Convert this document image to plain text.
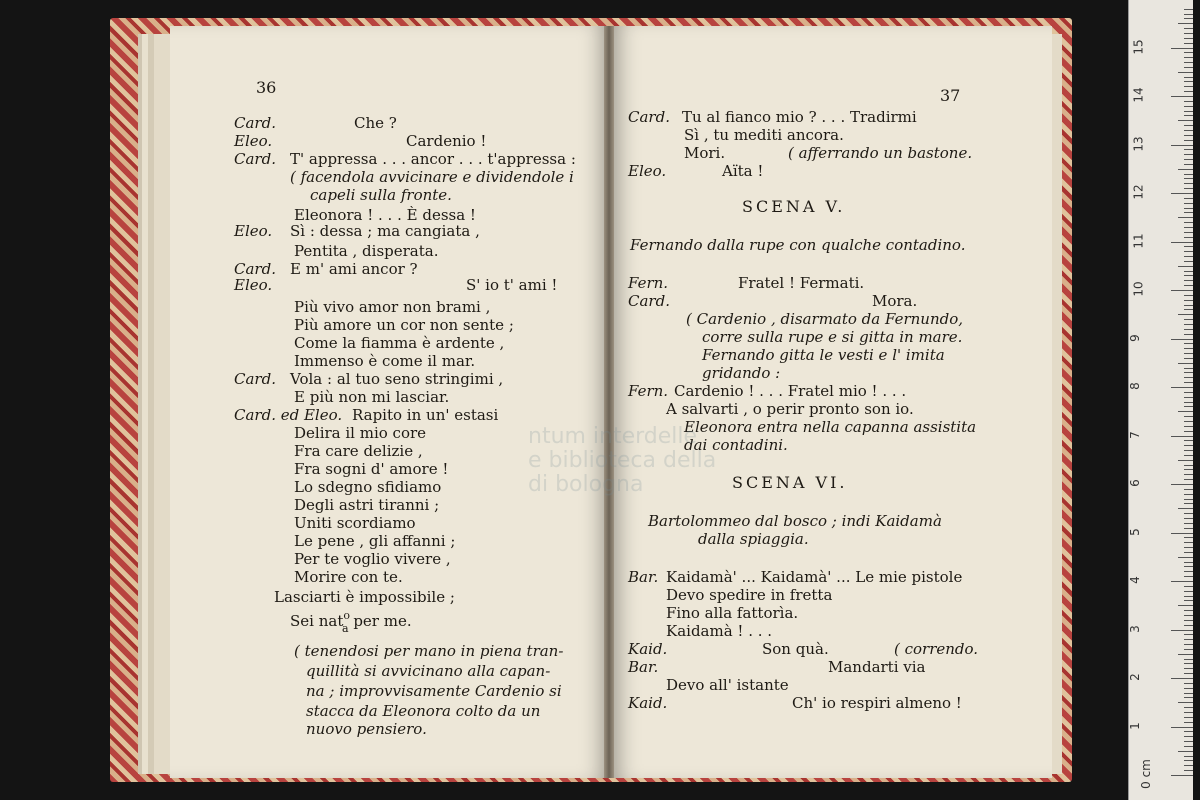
36
Card.	Che ?
Eleo.	Cardenio !
Card. T' appressa . . . ancor . . . t'appressa :
( facendola avvicinare e dividendole i
capeli sulla fronte.
Eleonora ! . . . È dessa !
Eleo. Sì : dessa ; ma cangiata ,
Pentita , disperata.
Card. E m' ami ancor ?
Eleo.	S' io t' ami !
Più vivo amor non brami ,
Più amore un cor non sente ;
Come la fiamma è ardente ,
Immenso è come il mar.
Card. Vola : al tuo seno stringimi ,
E più non mi lasciar.
Card. ed Eleo. Rapito in un' estasi
Delira il mio core
Fra care delizie ,
Fra sogni d' amore !
Lo sdegno sfidiamo
Degli astri tiranni ;
Uniti scordiamo
Le pene , gli affanni ;
Per te voglio vivere ,
Morire con te.
Lasciarti è impossibile ;
( tenendosi per mano in piena tran-
quillità si avvicinano alla capan-
na ; improvvisamente Cardenio si
stacca da Eleonora colto da un
nuovo pensiero.
Sei nat$^o_a$ per me.
37
Card. Tu al fianco mio ? . . . Tradirmi
Sì , tu mediti ancora.
Mori.	( afferrando un bastone.
Eleo.	Aïta !
SCENA V.
Fernando dalla rupe con qualche contadino.
Fern.	Fratel ! Fermati.
Card.	Mora.
( Cardenio , disarmato da Fernundo,
corre sulla rupe e si gitta in mare.
Fernando gitta le vesti e l' imita
gridando :
Fern. Cardenio ! . . . Fratel mio ! . . .
A salvarti , o perir pronto son io.
Eleonora entra nella capanna assistita
dai contadini.
SCENA VI.
Bartolommeo dal bosco ; indi Kaidamà
dalla spiaggia.
Bar. Kaidamà' ... Kaidamà' ... Le mie pistole
Devo spedire in fretta
Fino alla fattorìa.
Kaidamà ! . . .
Kaid.	Son quà.	( correndo.
Bar.	Mandarti via
Devo all' istante
Kaid.	Ch' io respiri almeno !
ntum interdelle
e biblioteca della
di bologna
0 cm
1
2
3
4
5
6
7
8
9
10
11
12
13
14
15
